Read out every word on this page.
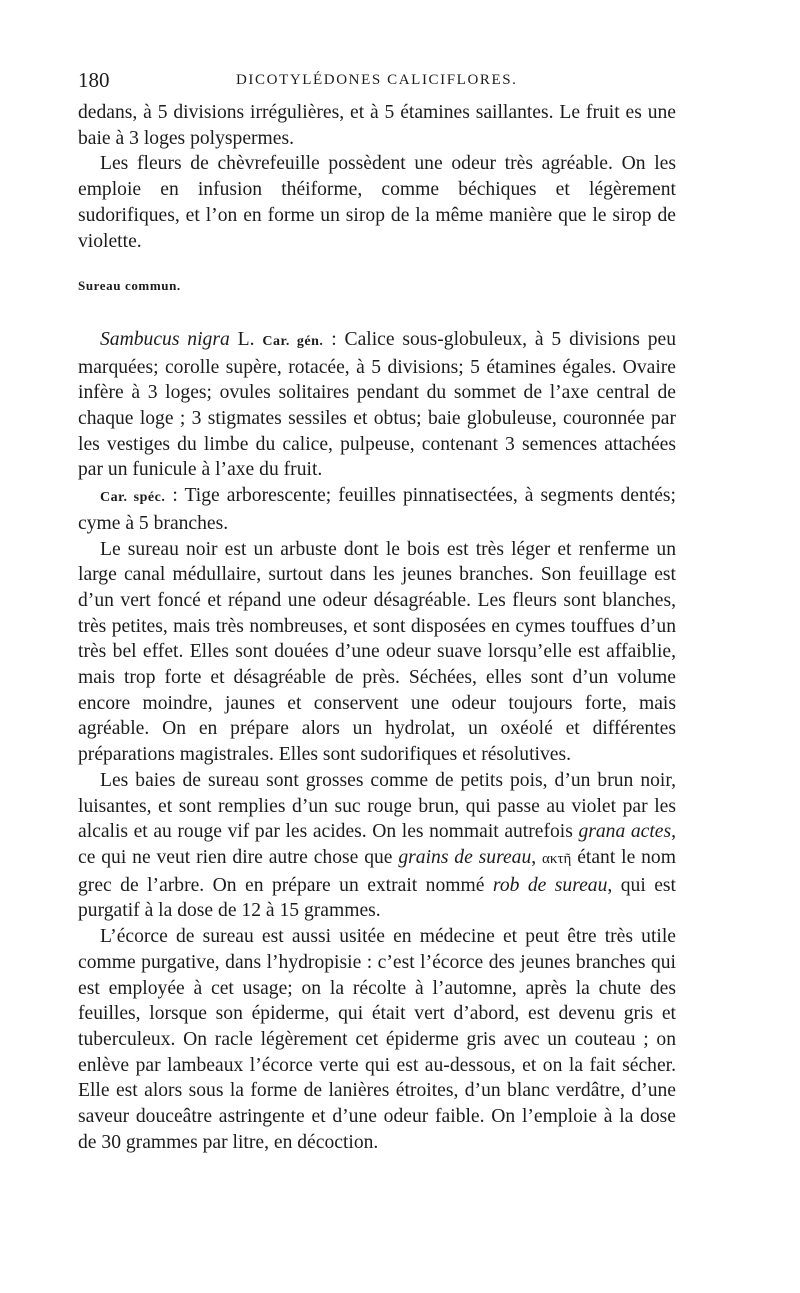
180	DICOTYLÉDONES CALICIFLORES.

dedans, à 5 divisions irrégulières, et à 5 étamines saillantes. Le fruit es une baie à 3 loges polyspermes.

Les fleurs de chèvrefeuille possèdent une odeur très agréable. On les emploie en infusion théiforme, comme béchiques et légèrement sudorifiques, et l’on en forme un sirop de la même manière que le sirop de violette.

Sureau commun.

Sambucus nigra L. Car. gén. : Calice sous-globuleux, à 5 divisions peu marquées; corolle supère, rotacée, à 5 divisions; 5 étamines égales. Ovaire infère à 3 loges; ovules solitaires pendant du sommet de l’axe central de chaque loge ; 3 stigmates sessiles et obtus; baie globuleuse, couronnée par les vestiges du limbe du calice, pulpeuse, contenant 3 semences attachées par un funicule à l’axe du fruit.

Car. spéc. : Tige arborescente; feuilles pinnatisectées, à segments dentés; cyme à 5 branches.

Le sureau noir est un arbuste dont le bois est très léger et renferme un large canal médullaire, surtout dans les jeunes branches. Son feuillage est d’un vert foncé et répand une odeur désagréable. Les fleurs sont blanches, très petites, mais très nombreuses, et sont disposées en cymes touffues d’un très bel effet. Elles sont douées d’une odeur suave lorsqu’elle est affaiblie, mais trop forte et désagréable de près. Séchées, elles sont d’un volume encore moindre, jaunes et conservent une odeur toujours forte, mais agréable. On en prépare alors un hydrolat, un oxéolé et différentes préparations magistrales. Elles sont sudorifiques et résolutives.

Les baies de sureau sont grosses comme de petits pois, d’un brun noir, luisantes, et sont remplies d’un suc rouge brun, qui passe au violet par les alcalis et au rouge vif par les acides. On les nommait autrefois grana actes, ce qui ne veut rien dire autre chose que grains de sureau, ακτῆ étant le nom grec de l’arbre. On en prépare un extrait nommé rob de sureau, qui est purgatif à la dose de 12 à 15 grammes.

L’écorce de sureau est aussi usitée en médecine et peut être très utile comme purgative, dans l’hydropisie : c’est l’écorce des jeunes branches qui est employée à cet usage; on la récolte à l’automne, après la chute des feuilles, lorsque son épiderme, qui était vert d’abord, est devenu gris et tuberculeux. On racle légèrement cet épiderme gris avec un couteau ; on enlève par lambeaux l’écorce verte qui est au-dessous, et on la fait sécher. Elle est alors sous la forme de lanières étroites, d’un blanc verdâtre, d’une saveur douceâtre astringente et d’une odeur faible. On l’emploie à la dose de 30 grammes par litre, en décoction.
